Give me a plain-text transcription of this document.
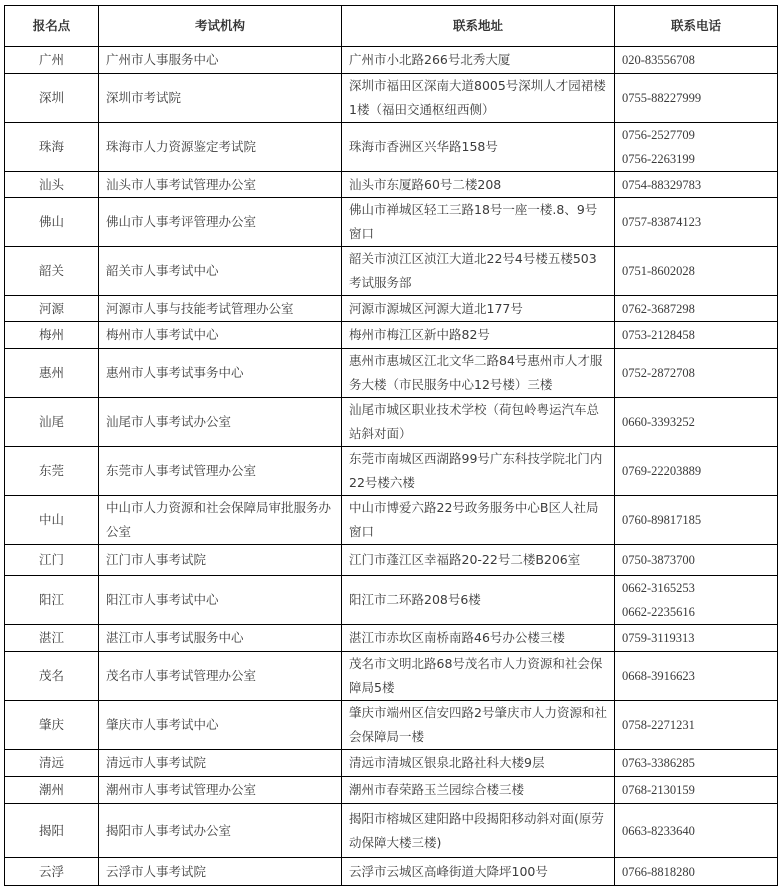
报名点	考试机构	联系地址	联系电话
广州	广州市人事服务中心	广州市小北路266号北秀大厦	020-83556708

深圳	深圳市考试院	深圳市福田区深南大道8005号深圳人才园裙楼1楼（福田交通枢纽西侧）	0755-88227999

珠海	珠海市人力资源鉴定考试院	珠海市香洲区兴华路158号	0756-2527709
0756-2263199

汕头	汕头市人事考试管理办公室	汕头市东厦路60号二楼208	0754-88329783

佛山	佛山市人事考评管理办公室	佛山市禅城区轻工三路18号一座一楼.8、9号窗口	0757-83874123

韶关	韶关市人事考试中心	韶关市浈江区浈江大道北22号4号楼五楼503考试服务部	0751-8602028

河源	河源市人事与技能考试管理办公室	河源市源城区河源大道北177号	0762-3687298

梅州	梅州市人事考试中心	梅州市梅江区新中路82号	0753-2128458

惠州	惠州市人事考试事务中心	惠州市惠城区江北文华二路84号惠州市人才服务大楼（市民服务中心12号楼）三楼	0752-2872708

汕尾	汕尾市人事考试办公室	汕尾市城区职业技术学校（荷包岭粤运汽车总站斜对面）	0660-3393252

东莞	东莞市人事考试管理办公室	东莞市南城区西湖路99号广东科技学院北门内22号楼六楼	0769-22203889

中山	中山市人力资源和社会保障局审批服务办公室	中山市博爱六路22号政务服务中心B区人社局窗口	0760-89817185

江门	江门市人事考试院	江门市蓬江区幸福路20-22号二楼B206室	0750-3873700

阳江	阳江市人事考试中心	阳江市二环路208号6楼	0662-3165253
0662-2235616

湛江	湛江市人事考试服务中心	湛江市赤坎区南桥南路46号办公楼三楼	0759-3119313

茂名	茂名市人事考试管理办公室	茂名市文明北路68号茂名市人力资源和社会保障局5楼	0668-3916623

肇庆	肇庆市人事考试中心	肇庆市端州区信安四路2号肇庆市人力资源和社会保障局一楼	0758-2271231

清远	清远市人事考试院	清远市清城区银泉北路社科大楼9层	0763-3386285

潮州	潮州市人事考试管理办公室	潮州市春荣路玉兰园综合楼三楼	0768-2130159

揭阳	揭阳市人事考试办公室	揭阳市榕城区建阳路中段揭阳移动斜对面(原劳动保障大楼三楼)	0663-8233640

云浮	云浮市人事考试院	云浮市云城区高峰街道大降坪100号	0766-8818280
